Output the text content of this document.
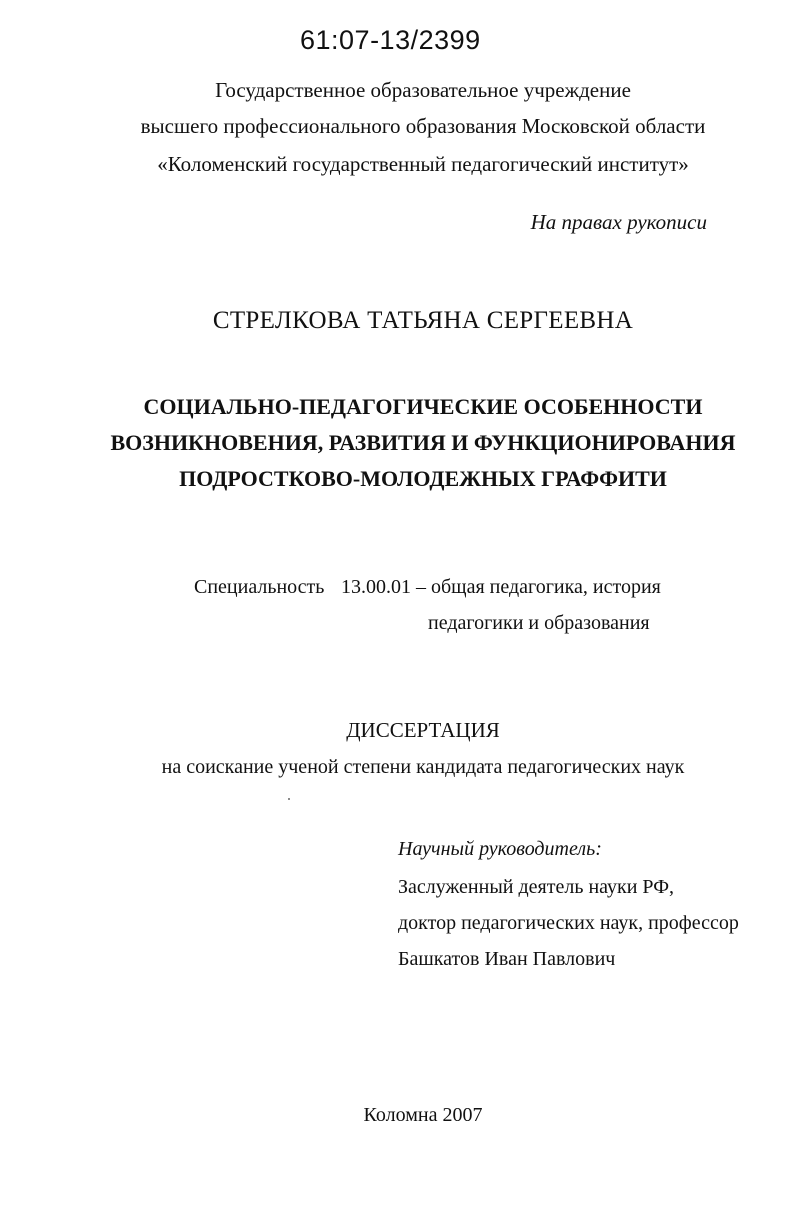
61:07-13/2399
Государственное образовательное учреждение
высшего профессионального образования Московской области
«Коломенский государственный педагогический институт»
На правах рукописи
СТРЕЛКОВА ТАТЬЯНА СЕРГЕЕВНА
СОЦИАЛЬНО-ПЕДАГОГИЧЕСКИЕ ОСОБЕННОСТИ
ВОЗНИКНОВЕНИЯ, РАЗВИТИЯ И ФУНКЦИОНИРОВАНИЯ
ПОДРОСТКОВО-МОЛОДЕЖНЫХ ГРАФФИТИ
Специальность 13.00.01 – общая педагогика, история
педагогики и образования
ДИССЕРТАЦИЯ
на соискание ученой степени кандидата педагогических наук
Научный руководитель:
Заслуженный деятель науки РФ,
доктор педагогических наук, профессор
Башкатов Иван Павлович
Коломна 2007
